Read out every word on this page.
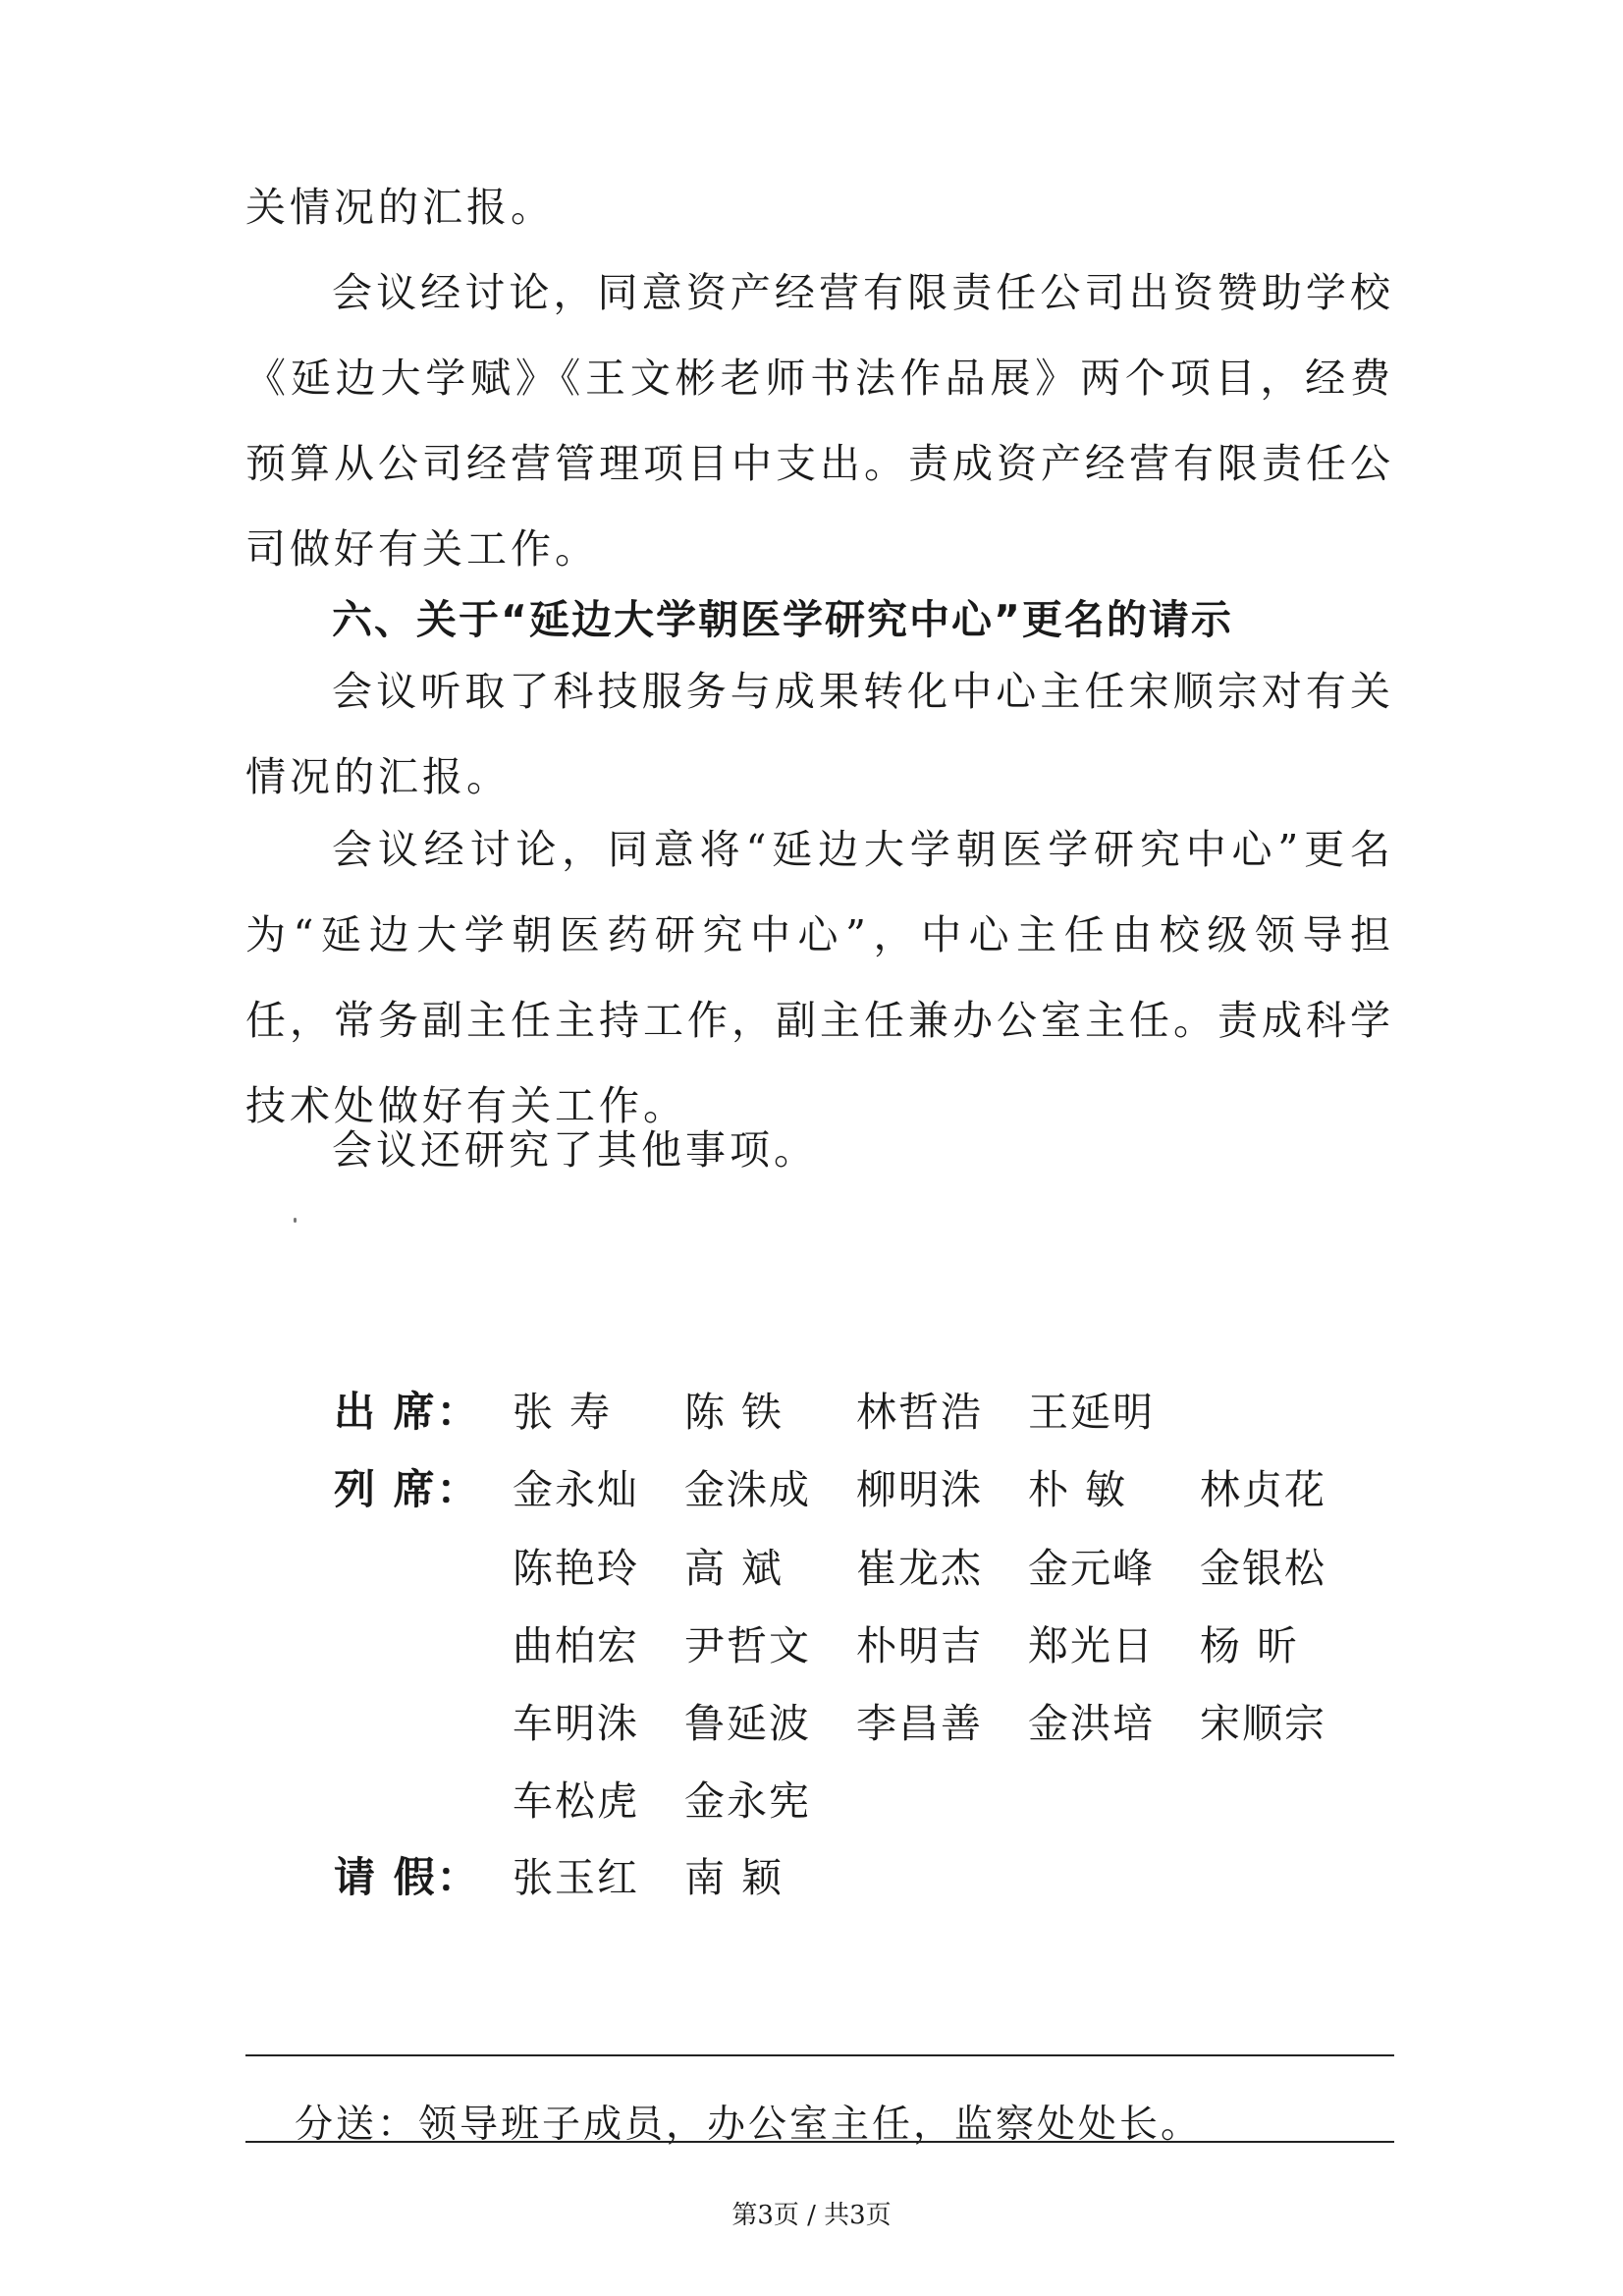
关情况的汇报。
会议经讨论，同意资产经营有限责任公司出资赞助学校《延边大学赋》《王文彬老师书法作品展》两个项目，经费预算从公司经营管理项目中支出。责成资产经营有限责任公司做好有关工作。
六、关于“延边大学朝医学研究中心”更名的请示
会议听取了科技服务与成果转化中心主任宋顺宗对有关情况的汇报。
会议经讨论，同意将“延边大学朝医学研究中心”更名为“延边大学朝医药研究中心”，中心主任由校级领导担任，常务副主任主持工作，副主任兼办公室主任。责成科学技术处做好有关工作。
会议还研究了其他事项。
出 席： 张 寿 陈 铁 林哲浩 王延明
列 席： 金永灿 金洙成 柳明洙 朴 敏 林贞花
陈艳玲 高 斌 崔龙杰 金元峰 金银松
曲柏宏 尹哲文 朴明吉 郑光日 杨 昕
车明洙 鲁延波 李昌善 金洪培 宋顺宗
车松虎 金永宪
请 假： 张玉红 南 颖
分送：领导班子成员，办公室主任，监察处处长。
第3页 / 共3页
